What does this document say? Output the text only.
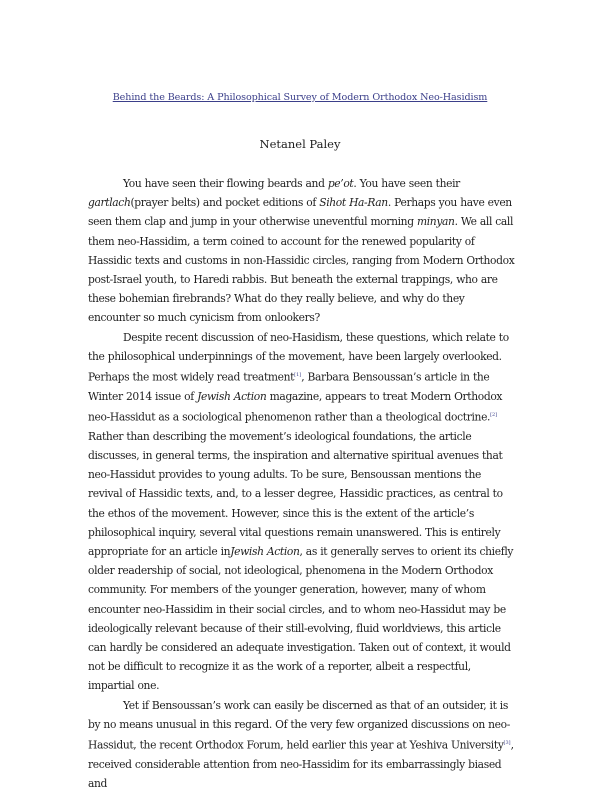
Behind the Beards: A Philosophical Survey of Modern Orthodox Neo-Hasidism
Netanel Paley

You have seen their flowing beards and pe’ot. You have seen their gartlach(prayer belts) and pocket editions of Sihot Ha-Ran. Perhaps you have even seen them clap and jump in your otherwise uneventful morning minyan. We all call them neo-Hassidim, a term coined to account for the renewed popularity of Hassidic texts and customs in non-Hassidic circles, ranging from Modern Orthodox post-Israel youth, to Haredi rabbis. But beneath the external trappings, who are these bohemian firebrands? What do they really believe, and why do they encounter so much cynicism from onlookers?

Despite recent discussion of neo-Hasidism, these questions, which relate to the philosophical underpinnings of the movement, have been largely overlooked. Perhaps the most widely read treatment[1], Barbara Bensoussan’s article in the Winter 2014 issue of Jewish Action magazine, appears to treat Modern Orthodox neo-Hassidut as a sociological phenomenon rather than a theological doctrine.[2] Rather than describing the movement’s ideological foundations, the article discusses, in general terms, the inspiration and alternative spiritual avenues that neo-Hassidut provides to young adults. To be sure, Bensoussan mentions the revival of Hassidic texts, and, to a lesser degree, Hassidic practices, as central to the ethos of the movement. However, since this is the extent of the article’s philosophical inquiry, several vital questions remain unanswered. This is entirely appropriate for an article inJewish Action, as it generally serves to orient its chiefly older readership of social, not ideological, phenomena in the Modern Orthodox community. For members of the younger generation, however, many of whom encounter neo-Hassidim in their social circles, and to whom neo-Hassidut may be ideologically relevant because of their still-evolving, fluid worldviews, this article can hardly be considered an adequate investigation. Taken out of context, it would not be difficult to recognize it as the work of a reporter, albeit a respectful, impartial one.

Yet if Bensoussan’s work can easily be discerned as that of an outsider, it is by no means unusual in this regard. Of the very few organized discussions on neo-Hassidut, the recent Orthodox Forum, held earlier this year at Yeshiva University[3], received considerable attention from neo-Hassidim for its embarrassingly biased and
